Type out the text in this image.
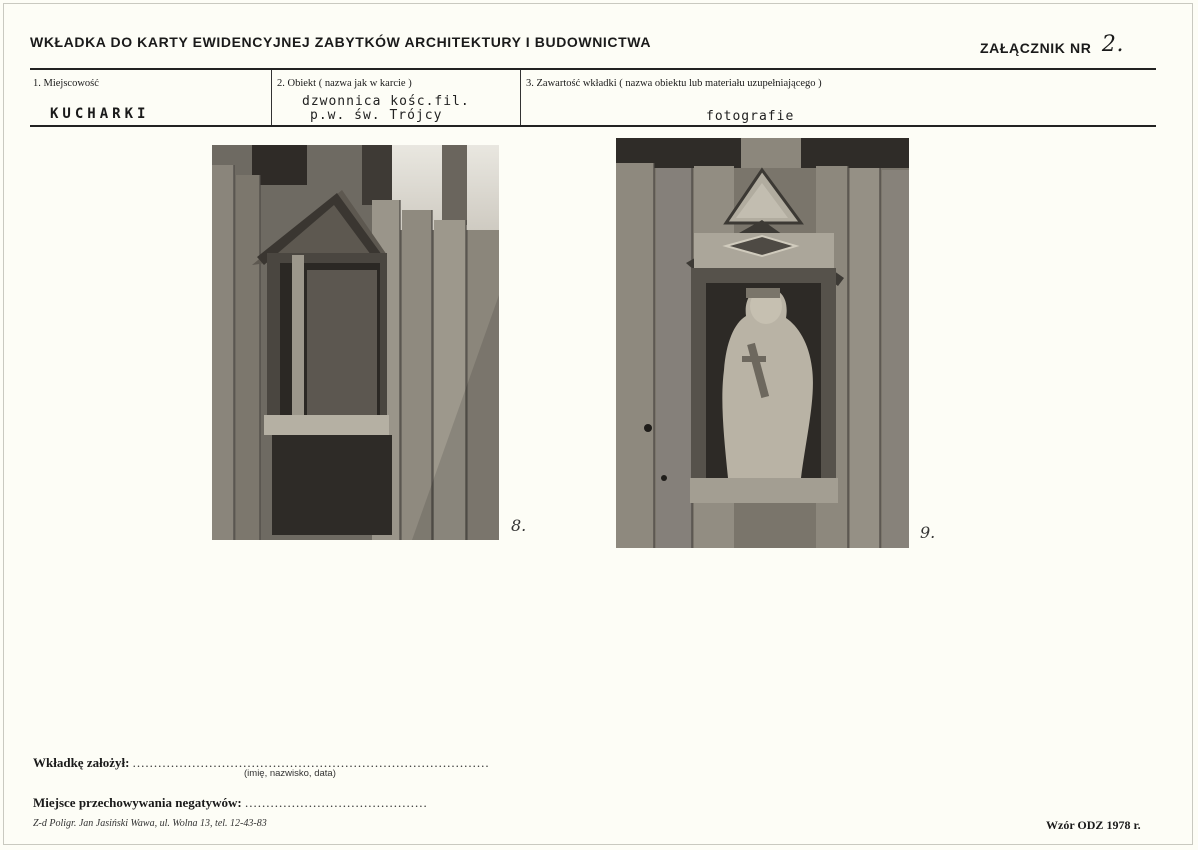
WKŁADKA DO KARTY EWIDENCYJNEJ ZABYTKÓW ARCHITEKTURY I BUDOWNICTWA	ZAŁĄCZNIK NR 2.
1. Miejscowość
KUCHARKI
2. Obiekt ( nazwa jak w karcie )
dzwonnica kośc.fil.
p.w. św. Trójcy
3. Zawartość wkładki ( nazwa obiektu lub materiału uzupełniającego )
fotografie
8.	9.
Wkładkę założył: ....................................................................................
(imię, nazwisko, data)
Miejsce przechowywania negatywów: ...........................................
Z-d Poligr. Jan Jasiński Wawa, ul. Wolna 13, tel. 12-43-83	Wzór ODZ 1978 r.
